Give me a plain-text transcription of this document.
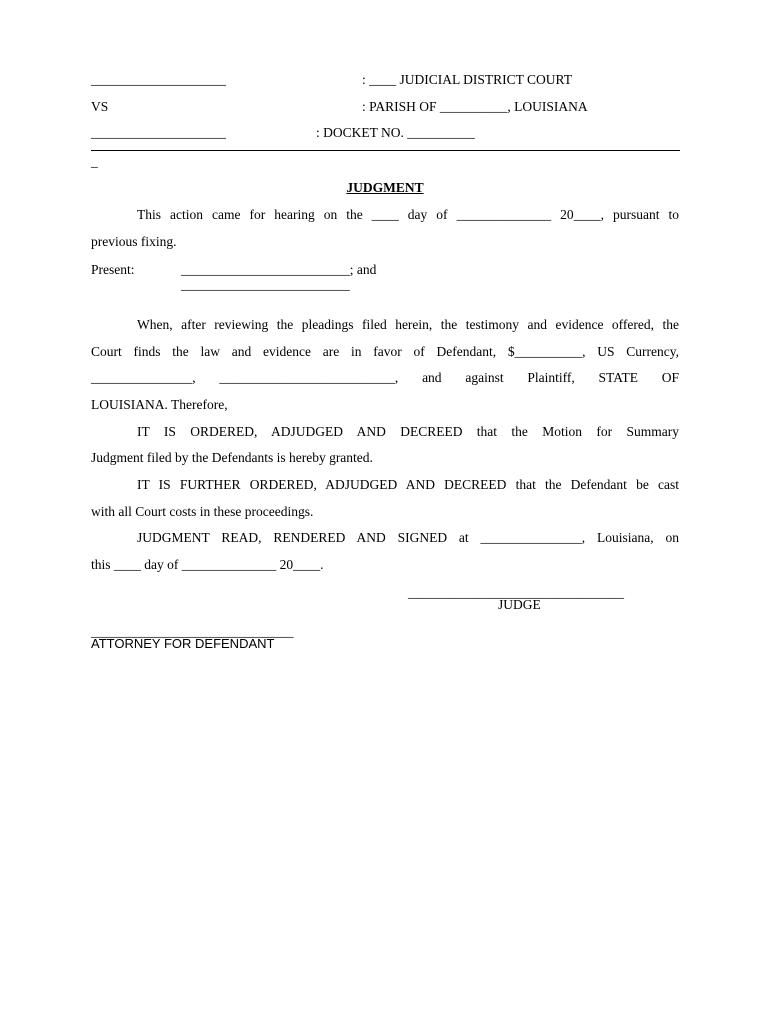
____________________	: ____ JUDICIAL DISTRICT COURT
VS	: PARISH OF __________, LOUISIANA
____________________	: DOCKET NO. __________
_
JUDGMENT
This action came for hearing on the ____ day of ______________ 20____, pursuant to
previous fixing.
Present:	_________________________; and
_________________________
When, after reviewing the pleadings filed herein, the testimony and evidence offered, the
Court finds the law and evidence are in favor of Defendant, $__________, US Currency,
_______________, __________________________, and against Plaintiff, STATE OF
LOUISIANA. Therefore,
IT IS ORDERED, ADJUDGED AND DECREED that the Motion for Summary
Judgment filed by the Defendants is hereby granted.
IT IS FURTHER ORDERED, ADJUDGED AND DECREED that the Defendant be cast
with all Court costs in these proceedings.
JUDGMENT READ, RENDERED AND SIGNED at _______________, Louisiana, on
this ____ day of ______________ 20____.
________________________________
JUDGE
______________________________
ATTORNEY FOR DEFENDANT
